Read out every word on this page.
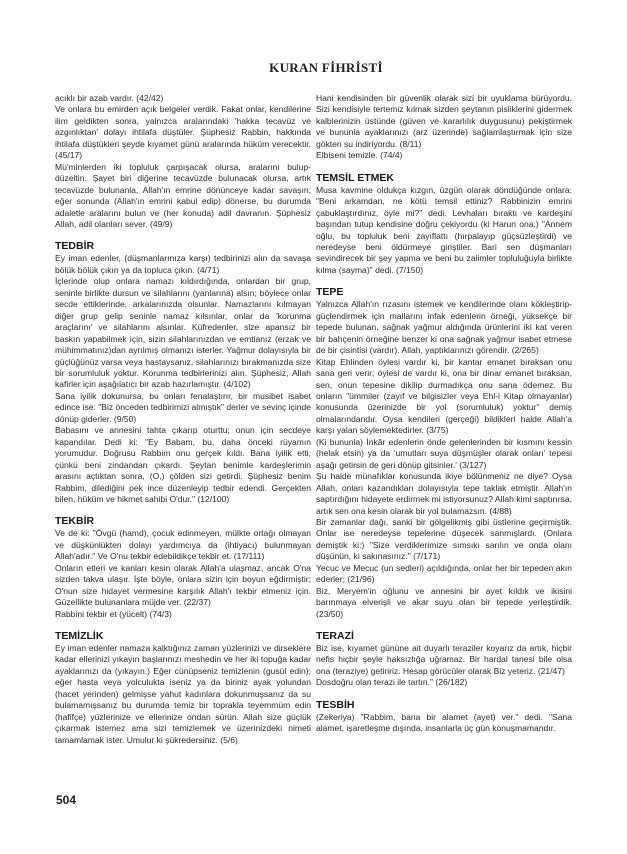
KURAN FİHRİSTİ

acıklı bir azab vardır. (42/42)

Ve onlara bu emirden açık belgeler verdik. Fakat onlar, kendilerine ilim geldikten sonra, yalnızca aralarındaki 'hakka tecavüz ve azgınlıktan' dolayı ihtilafa düştüler. Şüphesiz Rabbin, hakkında ihtilafa düştükleri şeyde kıyamet günü aralarında hüküm verecektir. (45/17)

Mü'minlerden iki topluluk çarpışacak olursa, aralarını bulup-düzeltin. Şayet biri diğerine tecavüzde bulunacak olursa, artık tecavüzde bulunanla, Allah'ın emrine dönünceye kadar savaşın; eğer sonunda (Allah'ın emrini kabul edip) dönerse, bu durumda adaletle aralarını bulun ve (her konuda) adil davranın. Şüphesiz Allah, adil olanları sever. (49/9)

TEDBİR

Ey iman edenler, (düşmanlarınıza karşı) tedbirinizi alın da savaşa bölük bölük çıkın ya da topluca çıkın. (4/71)

İçlerinde olup onlara namazı kıldırdığında, onlardan bir grup, seninle birlikte dursun ve silahlarını (yanlarına) alsın; böylece onlar secde ettiklerinde, arkalarınızda olsunlar. Namazlarını kılmayan diğer grup gelip seninle namaz kılsınlar, onlar da 'korunma araçlarını' ve silahlarını alsınlar. Küfredenler, size apansız bir baskın yapabilmek için, sizin silahlarınızdan ve emtianız (erzak ve mühimmatınız)dan ayrılmış olmanızı isterler. Yağmur dolayısıyla bir güçlüğünüz varsa veya hastaysanız, silahlarınızı bırakmanızda size bir sorumluluk yoktur. Korunma tedbirlerinizi alın. Şüphesiz, Allah kafirler için aşağılatıcı bir azab hazırlamıştır. (4/102)

Sana iyilik dokunursa, bu onları fenalaştırır, bir musibet isabet edince ise: "Biz önceden tedbirimizi almıştık" derler ve sevinç içinde dönüp giderler. (9/50)

Babasını ve annesini tahta çıkarıp oturttu; onun için secdeye kapandılar. Dedi ki: "Ey Babam, bu, daha önceki rüyamın yorumudur. Doğrusu Rabbim onu gerçek kıldı. Bana iyilik etti, çünkü beni zindandan çıkardı. Şeytan benimle kardeşlerimin arasını açtıktan sonra, (O,) çölden sizi getirdi. Şüphesiz benim Rabbim, dilediğini pek ince düzenleyip tedbir edendi. Gerçekten bilen, hüküm ve hikmet sahibi O'dur." (12/100)

TEKBİR

Ve de ki: "Övgü (hamd), çocuk edinmeyen, mülkte ortağı olmayan ve düşkünlükten dolayı yardımcıya da (ihtiyacı) bulunmayan Allah'adır." Ve O'nu tekbir edebildikçe tekbir et. (17/111)

Onların etleri ve kanları kesin olarak Allah'a ulaşmaz, ancak O'na sizden takva ulaşır. İşte böyle, onlara sizin için boyun eğdirmiştir; O'nun size hidayet vermesine karşılık Allah'ı tekbir etmeniz için. Güzellikte bulunanlara müjde ver. (22/37)

Rabbini tekbir et (yücelt) (74/3)

TEMİZLİK

Ey iman edenler namaza kalktığınız zaman yüzlerinizi ve dirseklere kadar ellerinizi yıkayın başlarınızı meshedin ve her iki topuğa kadar ayaklarınızı da (yıkayın.) Eğer cünüpseniz temizlenin (gusül edin); eğer hasta veya yolculukta iseniz ya da biriniz ayak yolundan (hacet yerinden) gelmişse yahut kadınlara dokunmuşsanız da su bulamamışsanız bu durumda temiz bir toprakla teyemmüm edin (hafifçe) yüzlerinize ve ellerinize ondan sürün. Allah size güçlük çıkarmak istemez ama sizi temizlemek ve üzerinizdeki nimeti tamamlamak ister. Umulur ki şükredersiniz. (5/6)

Hani kendisinden bir güvenlik olarak sizi bir uyuklama bürüyordu. Sizi kendisiyle tertemiz kılmak sizden şeytanın pisliklerini gidermek kalblerinizin üstünde (güven ve kararlılık duygusunu) pekiştirmek ve bununla ayaklarınızı (arz üzerinde) sağlamlaştırmak için size gökten su indiriyordu. (8/11)

Elbiseni temizle. (74/4)

TEMSİL ETMEK

Musa kavmine oldukça kızgın, üzgün olarak döndüğünde onlara: "Beni arkamdan, ne kötü temsil ettiniz? Rabbinizin emrini çabuklaştırdınız, öyle mi?" dedi. Levhaları bıraktı ve kardeşini başından tutup kendisine doğru çekiyordu (ki Harun ona:) "Annem oğlu, bu topluluk beni zayıflattı (hırpalayıp güçsüzleştirdi) ve neredeyse beni öldürmeye giriştiler. Bari sen düşmanları sevindirecek bir şey yapma ve beni bu zalimler topluluğuyla birlikte kılma (sayma)" dedi. (7/150)

TEPE

Yalnızca Allah'ın rızasını istemek ve kendilerinde olanı kökleştirip- güçlendirmek için mallarını infak edenlerin örneği, yüksekçe bir tepede bulunan, sağnak yağmur aldığında ürünlerini iki kat veren bir bahçenin örneğine benzer ki ona sağnak yağmur isabet etmese de bir çisintisi (vardır). Allah, yaptıklarınızı görendir. (2/265)

Kitap Ehlinden öylesi vardır ki, bir kantar emanet bıraksan onu sana geri verir; öylesi de vardır ki, ona bir dinar emanet bıraksan, sen, onun tepesine dikilip durmadıkça onu sana ödemez. Bu onların "ümmiler (zayıf ve bilgisizler veya Ehl-i Kitap olmayanlar) konusunda üzerinizde bir yol (sorumluluk) yoktur" demiş olmalarındandır. Oysa kendileri (gerçeği) bildikleri halde Allah'a karşı yalan söylemektedirler. (3/75)

(Ki bununla) İnkâr edenlerin önde gelenlerinden bir kısmını kessin (helak etsin) ya da 'umutları suya düşmüşler olarak onları' tepesi aşağı getirsin de geri dönüp gitsinler.' (3/127)

Şu halde münafıklar konusunda ikiye bölünmeniz ne diye? Oysa Allah, onları kazandıkları dolayısıyla tepe taklak etmiştir. Allah'ın saptırdığını hidayete erdirmek mi istiyorsunuz? Allah kimi saptırırsa, artık sen ona kesin olarak bir yol bulamazsın. (4/88)

Bir zamanlar dağı, sanki bir gölgelikmiş gibi üstlerine geçirmiştik. Onlar ise neredeyse tepelerine düşecek sanmışlardı. (Onlara demiştik ki:) "Size verdiklerimize sımsıkı sarılın ve onda olanı düşünün, ki sakınasınız." (7/171)

Yecuc ve Mecuc (un sedleri) açıldığında, onlar her bir tepeden akın ederler; (21/96)

Biz, Meryem'in oğlunu ve annesini bir ayet kıldık ve ikisini barınmaya elverişli ve akar suyu olan bir tepede yerleştirdik. (23/50)

TERAZİ

Biz ise, kıyamet gününe ait duyarlı teraziler koyarız da artık, hiçbir nefis hiçbir şeyle haksızlığa uğramaz. Bir hardal tanesi bile olsa ona (teraziye) getiririz. Hesap görücüler olarak Biz yeteriz. (21/47)

Dosdoğru olan terazi ile tartın." (26/182)

TESBİH

(Zekeriya) "Rabbim, bana bir alamet (ayet) ver." dedi. "Sana alamet, işaretleşme dışında, insanlarla üç gün konuşmamandır.

504
